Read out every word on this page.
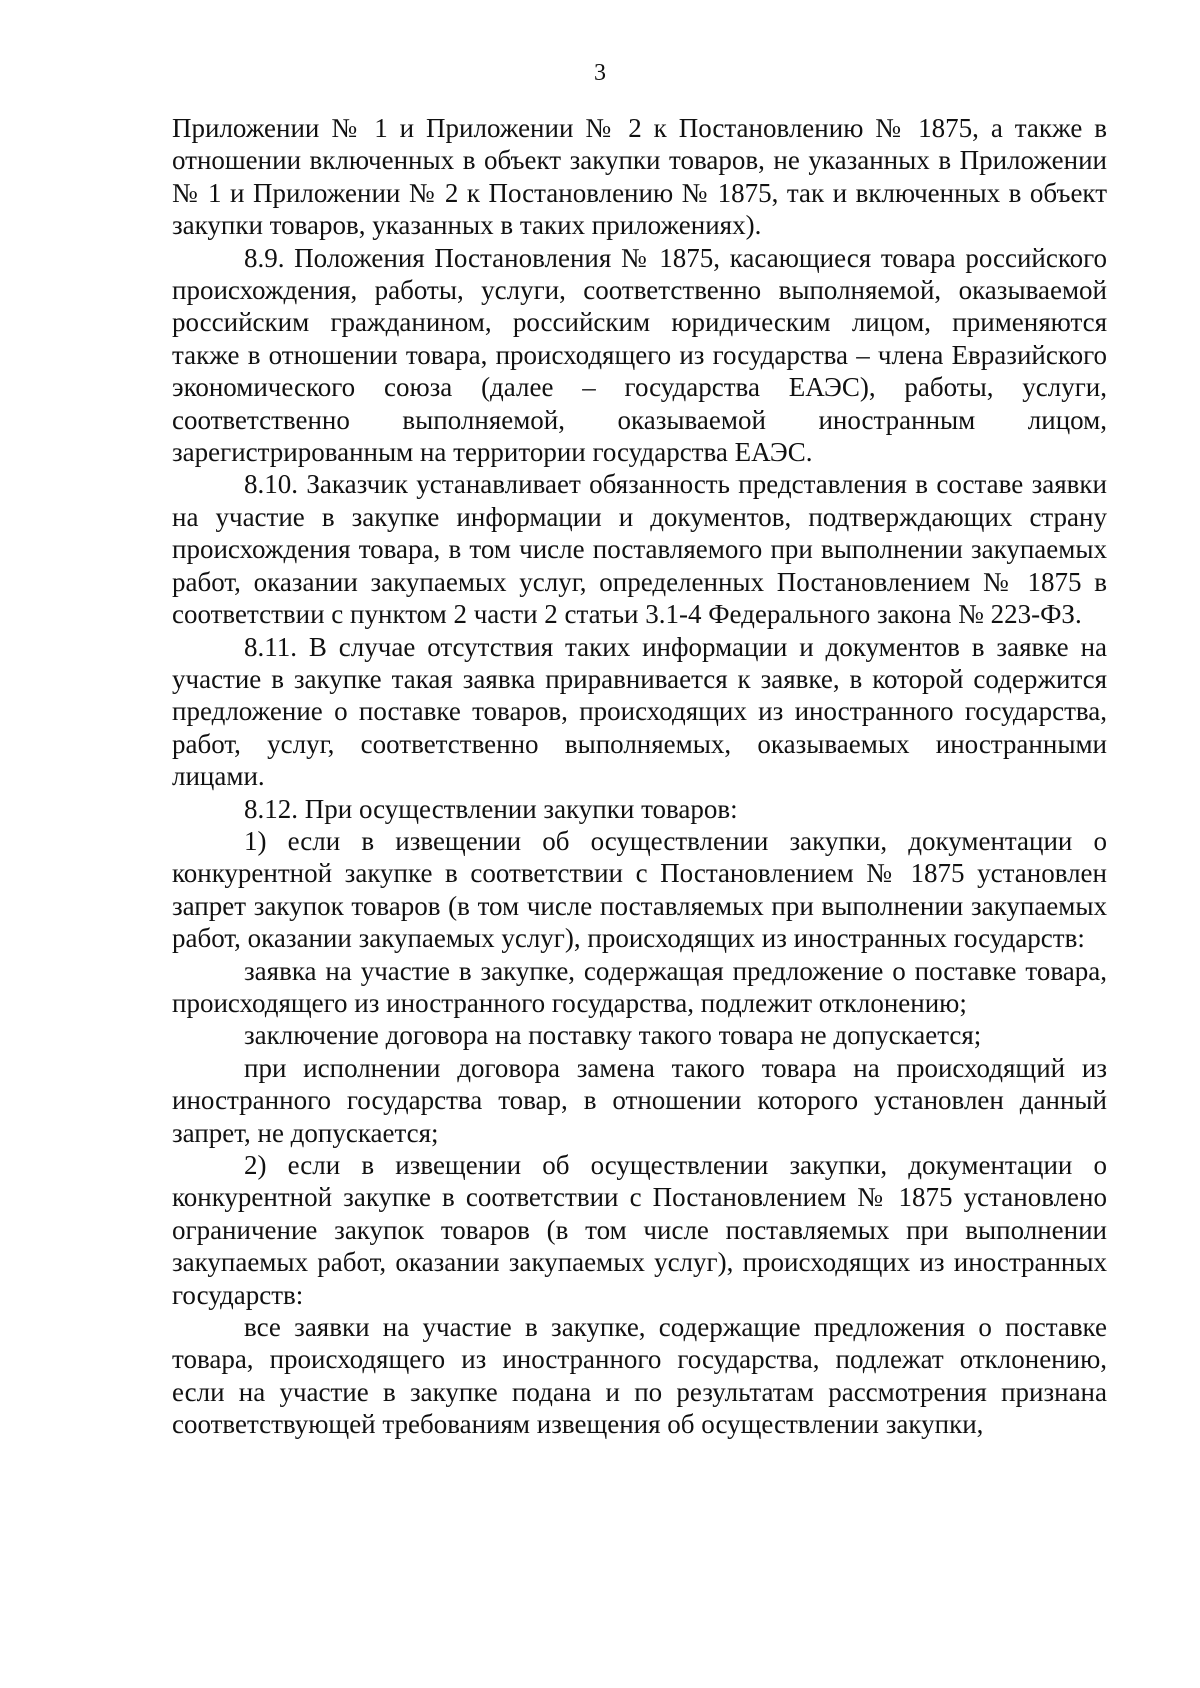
3

Приложении № 1 и Приложении № 2 к Постановлению № 1875, а также в отношении включенных в объект закупки товаров, не указанных в Приложении № 1 и Приложении № 2 к Постановлению № 1875, так и включенных в объект закупки товаров, указанных в таких приложениях).

8.9. Положения Постановления № 1875, касающиеся товара российского происхождения, работы, услуги, соответственно выполняемой, оказываемой российским гражданином, российским юридическим лицом, применяются также в отношении товара, происходящего из государства – члена Евразийского экономического союза (далее – государства ЕАЭС), работы, услуги, соответственно выполняемой, оказываемой иностранным лицом, зарегистрированным на территории государства ЕАЭС.

8.10. Заказчик устанавливает обязанность представления в составе заявки на участие в закупке информации и документов, подтверждающих страну происхождения товара, в том числе поставляемого при выполнении закупаемых работ, оказании закупаемых услуг, определенных Постановлением № 1875 в соответствии с пунктом 2 части 2 статьи 3.1-4 Федерального закона № 223-ФЗ.

8.11. В случае отсутствия таких информации и документов в заявке на участие в закупке такая заявка приравнивается к заявке, в которой содержится предложение о поставке товаров, происходящих из иностранного государства, работ, услуг, соответственно выполняемых, оказываемых иностранными лицами.

8.12. При осуществлении закупки товаров:

1) если в извещении об осуществлении закупки, документации о конкурентной закупке в соответствии с Постановлением № 1875 установлен запрет закупок товаров (в том числе поставляемых при выполнении закупаемых работ, оказании закупаемых услуг), происходящих из иностранных государств:

заявка на участие в закупке, содержащая предложение о поставке товара, происходящего из иностранного государства, подлежит отклонению;

заключение договора на поставку такого товара не допускается;

при исполнении договора замена такого товара на происходящий из иностранного государства товар, в отношении которого установлен данный запрет, не допускается;

2) если в извещении об осуществлении закупки, документации о конкурентной закупке в соответствии с Постановлением № 1875 установлено ограничение закупок товаров (в том числе поставляемых при выполнении закупаемых работ, оказании закупаемых услуг), происходящих из иностранных государств:

все заявки на участие в закупке, содержащие предложения о поставке товара, происходящего из иностранного государства, подлежат отклонению, если на участие в закупке подана и по результатам рассмотрения признана соответствующей требованиям извещения об осуществлении закупки,
